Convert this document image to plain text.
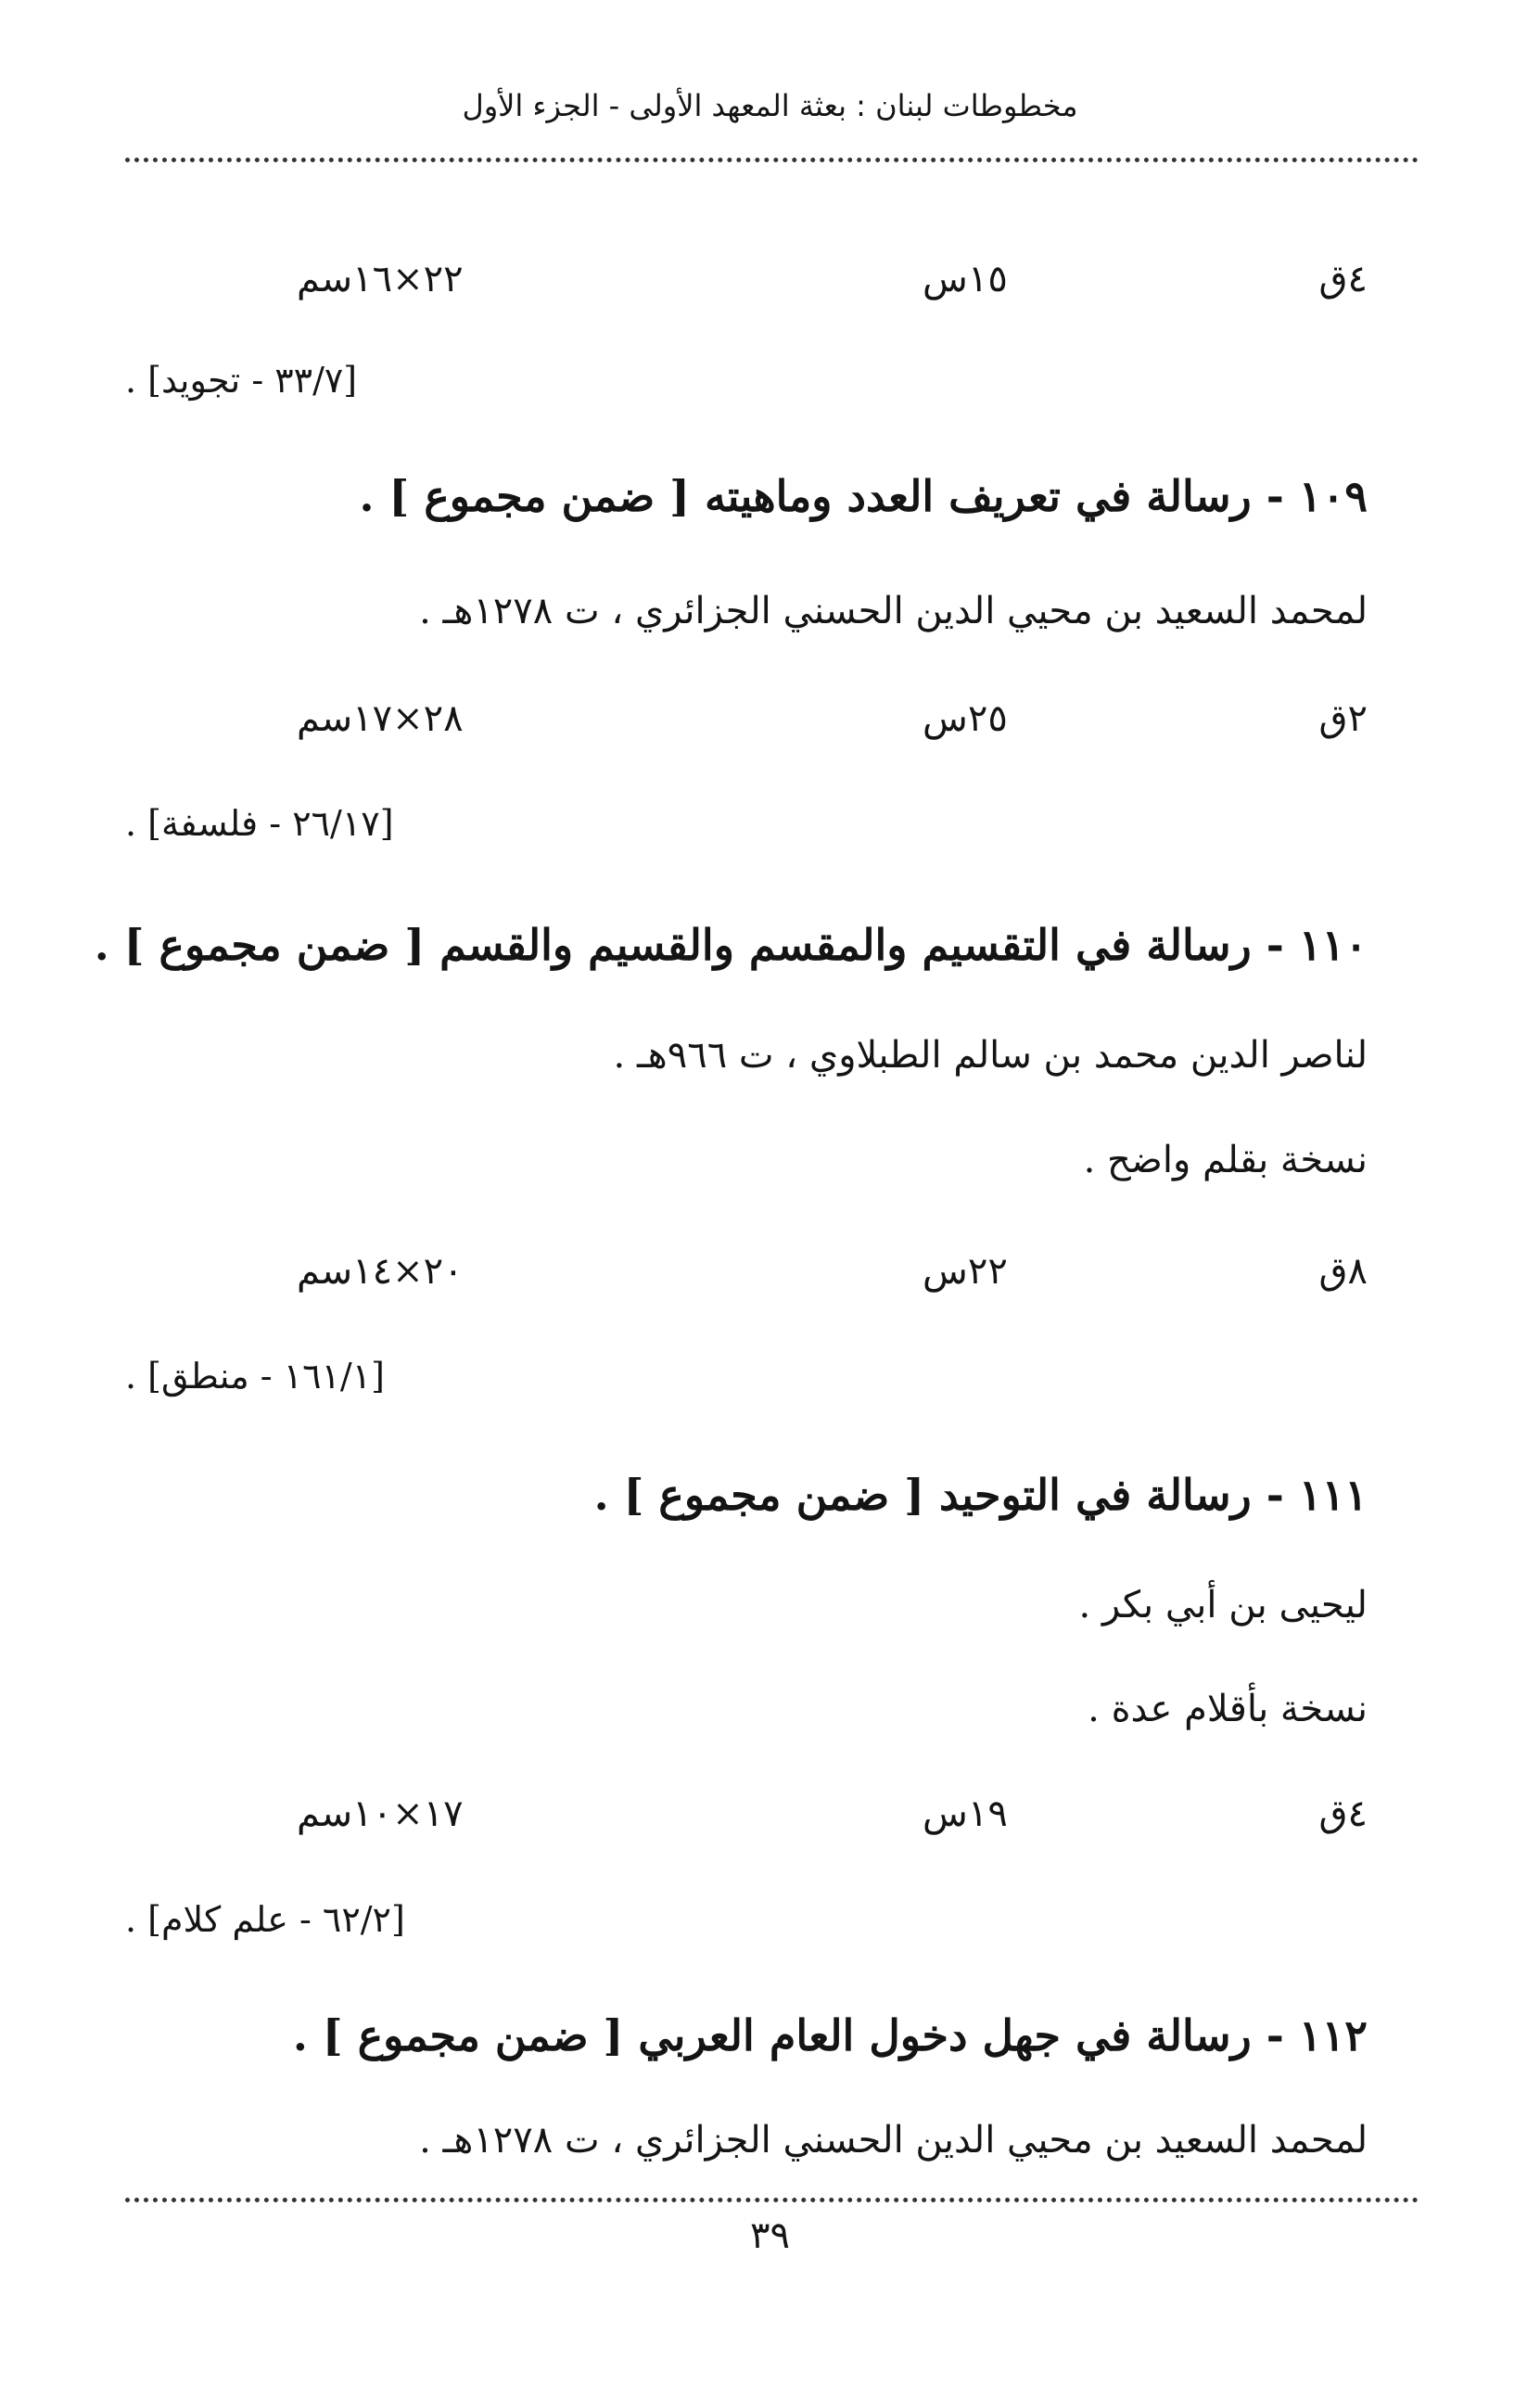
مخطوطات لبنان : بعثة المعهد الأولى - الجزء الأول
٤ق
١٥س
٢٢×١٦سم
[٣٣/٧ - تجويد] .
١٠٩ - رسالة في تعريف العدد وماهيته [ ضمن مجموع ] .
لمحمد السعيد بن محيي الدين الحسني الجزائري ، ت ١٢٧٨هـ .
٢ق
٢٥س
٢٨×١٧سم
[٢٦/١٧ - فلسفة] .
١١٠ - رسالة في التقسيم والمقسم والقسيم والقسم [ ضمن مجموع ] .
لناصر الدين محمد بن سالم الطبلاوي ، ت ٩٦٦هـ .
نسخة بقلم واضح .
٨ق
٢٢س
٢٠×١٤سم
[١٦١/١ - منطق] .
١١١ - رسالة في التوحيد [ ضمن مجموع ] .
ليحيى بن أبي بكر .
نسخة بأقلام عدة .
٤ق
١٩س
١٧×١٠سم
[٦٢/٢ - علم كلام] .
١١٢ - رسالة في جهل دخول العام العربي [ ضمن مجموع ] .
لمحمد السعيد بن محيي الدين الحسني الجزائري ، ت ١٢٧٨هـ .
٣٩
